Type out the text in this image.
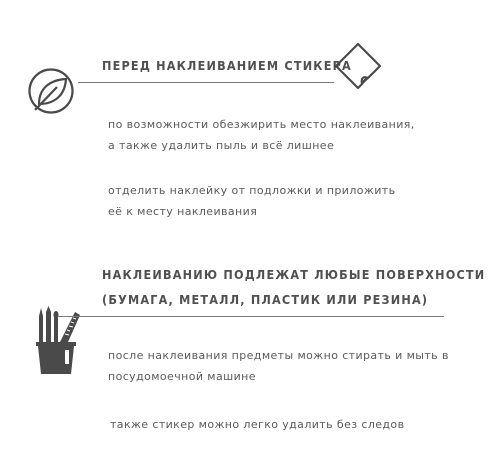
ПЕРЕД НАКЛЕИВАНИЕМ СТИКЕРА
по возможности обезжирить место наклеивания,
а также удалить пыль и всё лишнее
отделить наклейку от подложки и приложить
её к месту наклеивания
НАКЛЕИВАНИЮ ПОДЛЕЖАТ ЛЮБЫЕ ПОВЕРХНОСТИ
(БУМАГА, МЕТАЛЛ, ПЛАСТИК ИЛИ РЕЗИНА)
после наклеивания предметы можно стирать и мыть в
посудомоечной машине
также стикер можно легко удалить без следов
